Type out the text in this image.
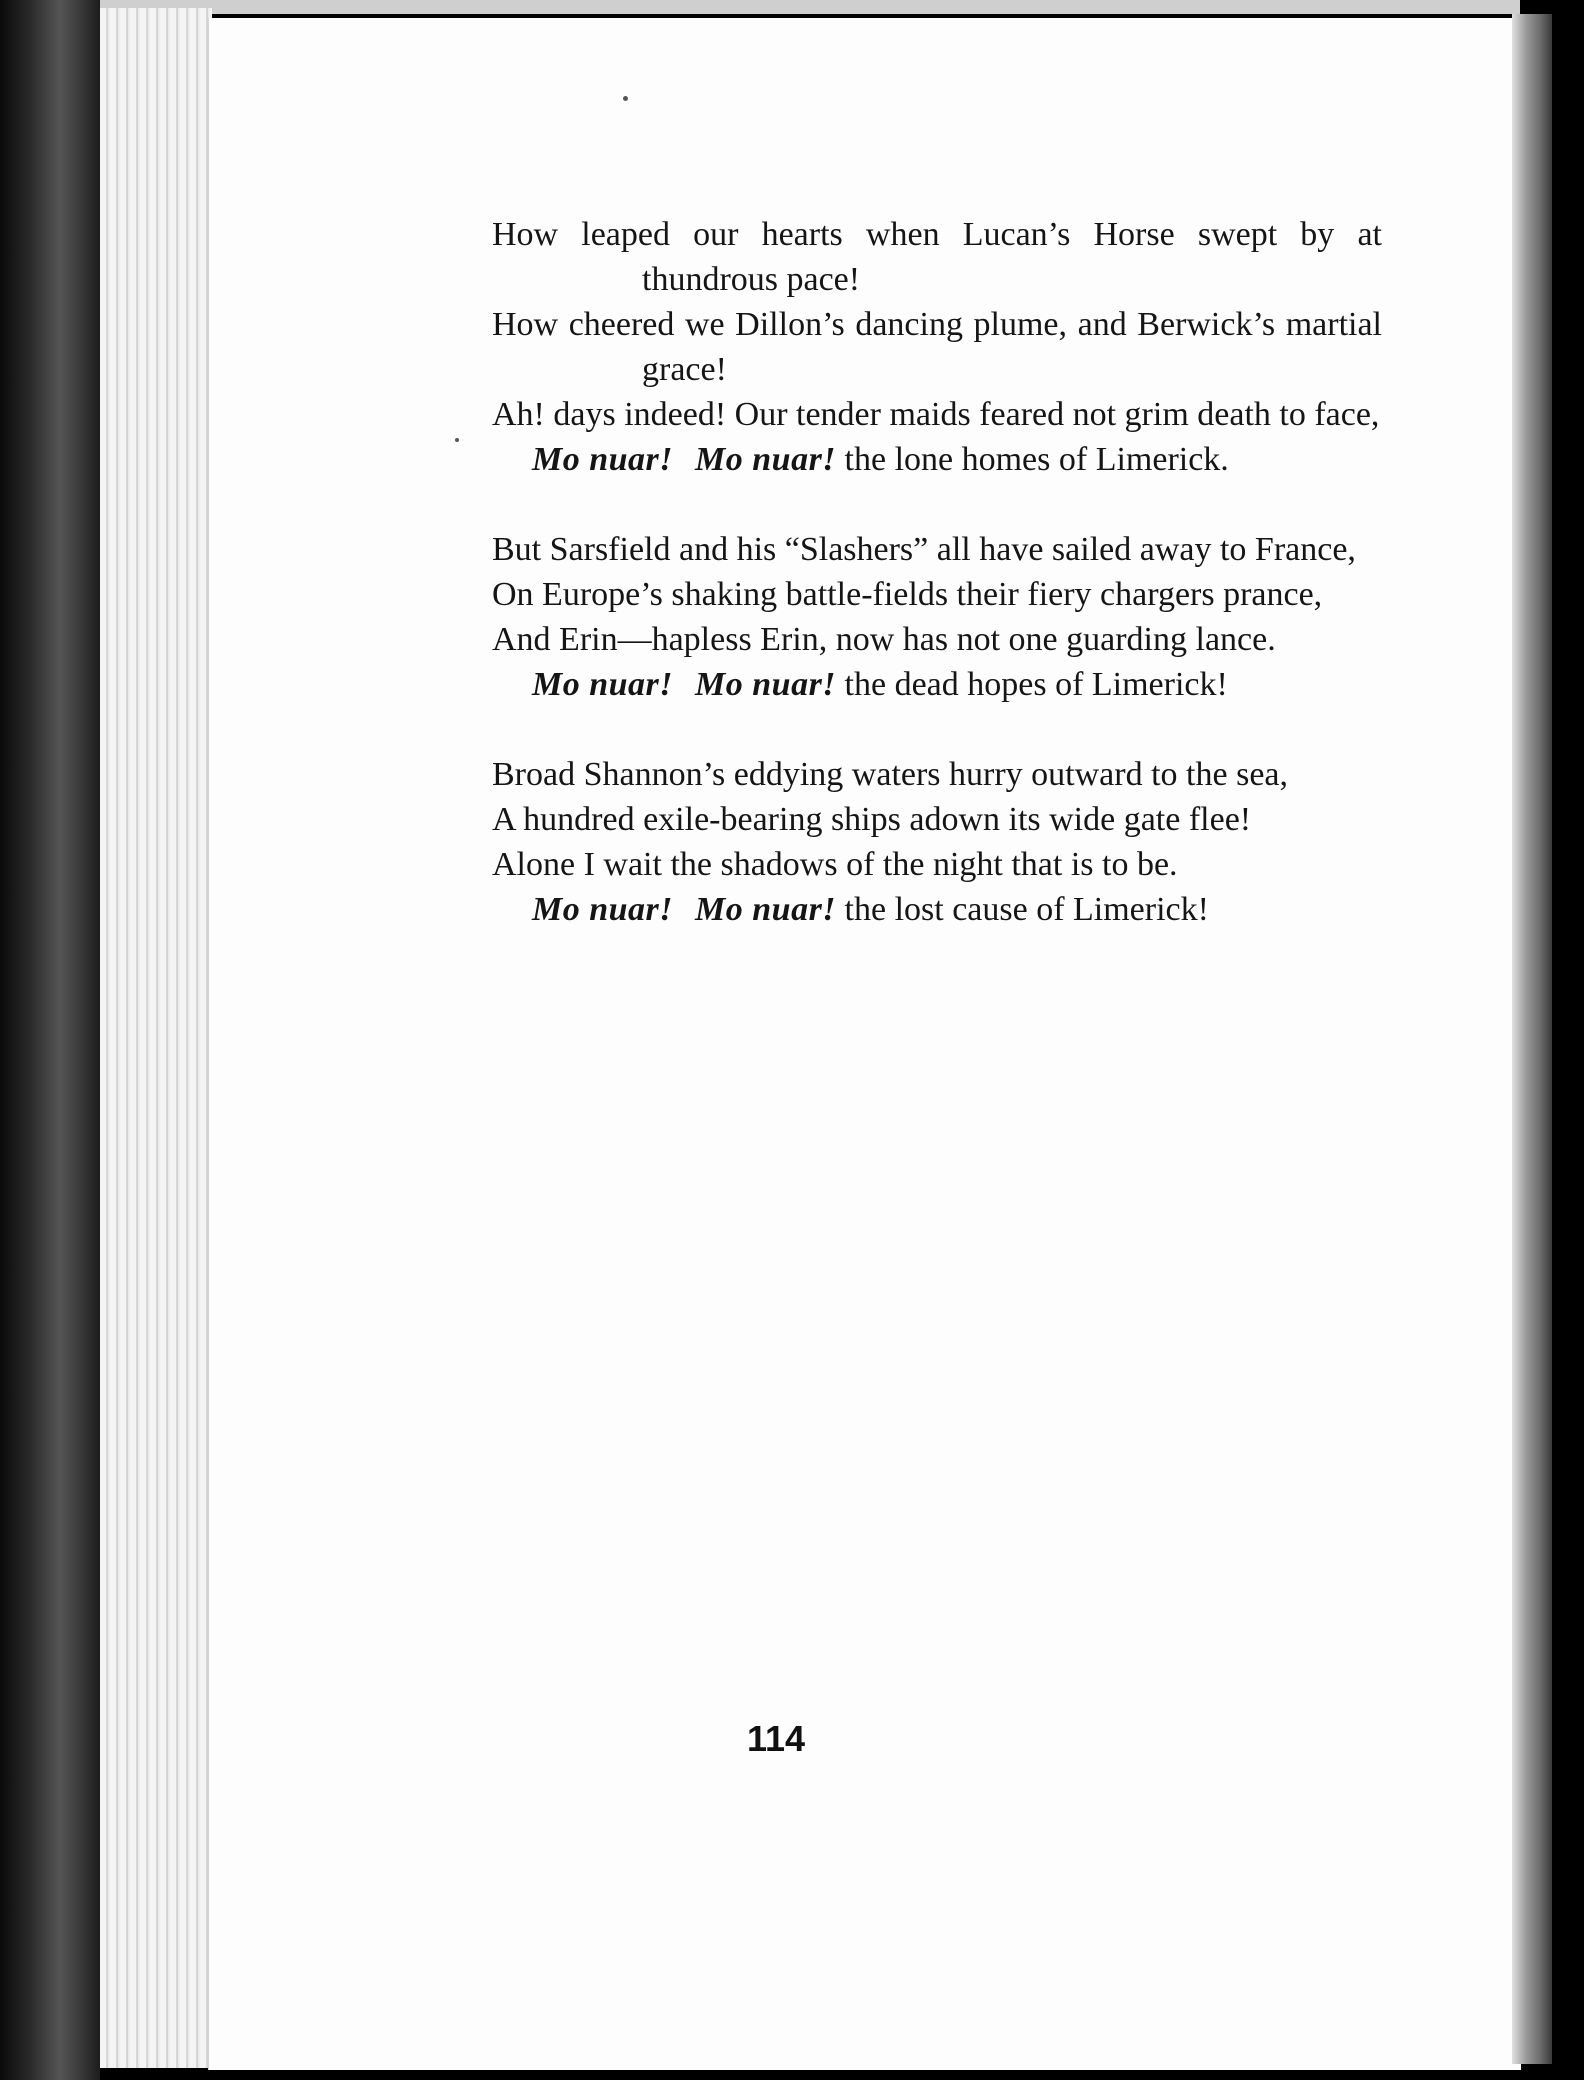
How leaped our hearts when Lucan’s Horse swept by at thundrous pace!
How cheered we Dillon’s dancing plume, and Berwick’s martial grace!
Ah! days indeed! Our tender maids feared not grim death to face,
Mo nuar! Mo nuar! the lone homes of Limerick.
But Sarsfield and his “Slashers” all have sailed away to France,
On Europe’s shaking battle-fields their fiery chargers prance,
And Erin—hapless Erin, now has not one guarding lance.
Mo nuar! Mo nuar! the dead hopes of Limerick!
Broad Shannon’s eddying waters hurry outward to the sea,
A hundred exile-bearing ships adown its wide gate flee!
Alone I wait the shadows of the night that is to be.
Mo nuar! Mo nuar! the lost cause of Limerick!
114
